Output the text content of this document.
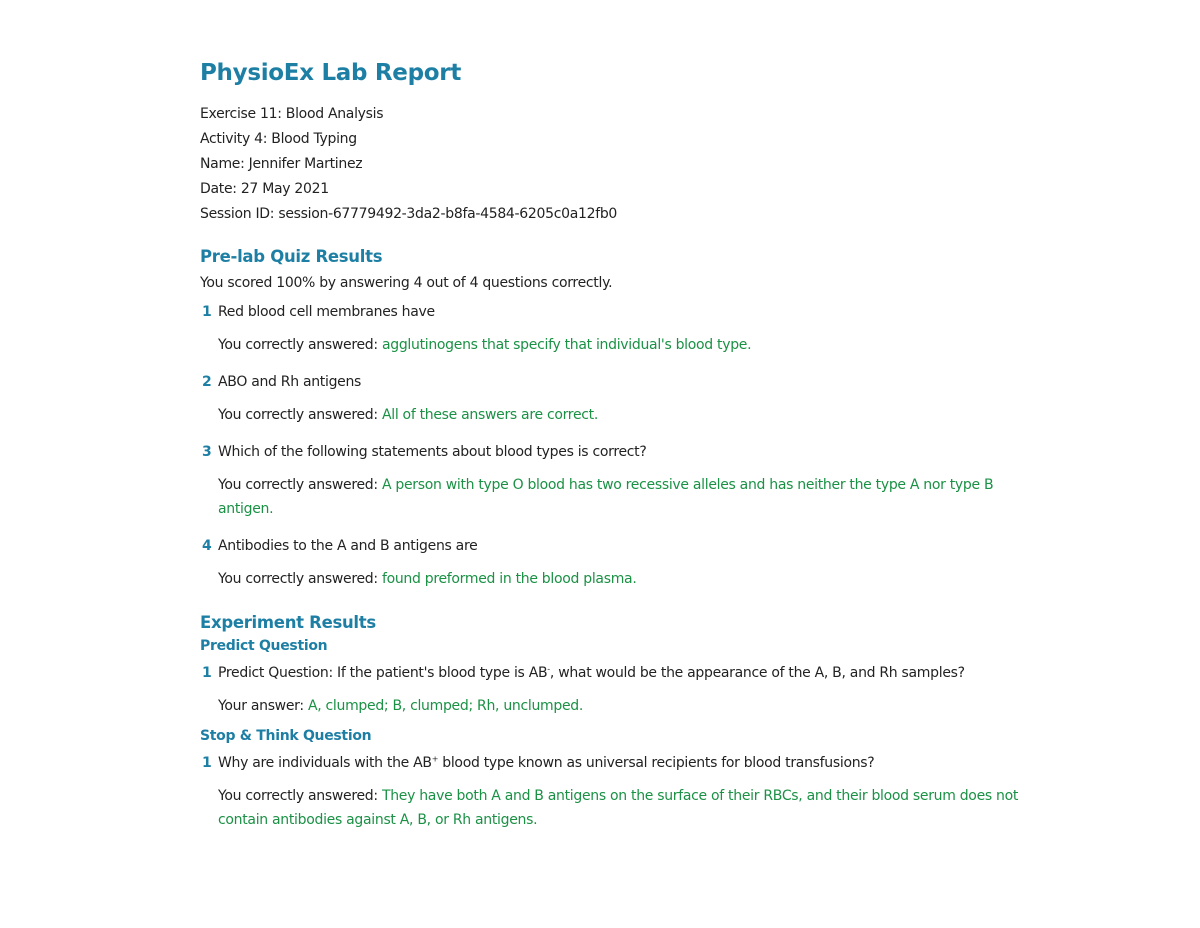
PhysioEx Lab Report

Exercise 11: Blood Analysis

Activity 4: Blood Typing

Name: Jennifer Martinez

Date: 27 May 2021

Session ID: session-67779492-3da2-b8fa-4584-6205c0a12fb0

Pre-lab Quiz Results

You scored 100% by answering 4 out of 4 questions correctly.

1 Red blood cell membranes have

You correctly answered: agglutinogens that specify that individual's blood type.

2 ABO and Rh antigens

You correctly answered: All of these answers are correct.

3 Which of the following statements about blood types is correct?

You correctly answered: A person with type O blood has two recessive alleles and has neither the type A nor type B antigen.

4 Antibodies to the A and B antigens are

You correctly answered: found preformed in the blood plasma.

Experiment Results
Predict Question
1 Predict Question: If the patient's blood type is AB-, what would be the appearance of the A, B, and Rh samples?

Your answer: A, clumped; B, clumped; Rh, unclumped.

Stop & Think Question
1 Why are individuals with the AB+ blood type known as universal recipients for blood transfusions?

You correctly answered: They have both A and B antigens on the surface of their RBCs, and their blood serum does not contain antibodies against A, B, or Rh antigens.
